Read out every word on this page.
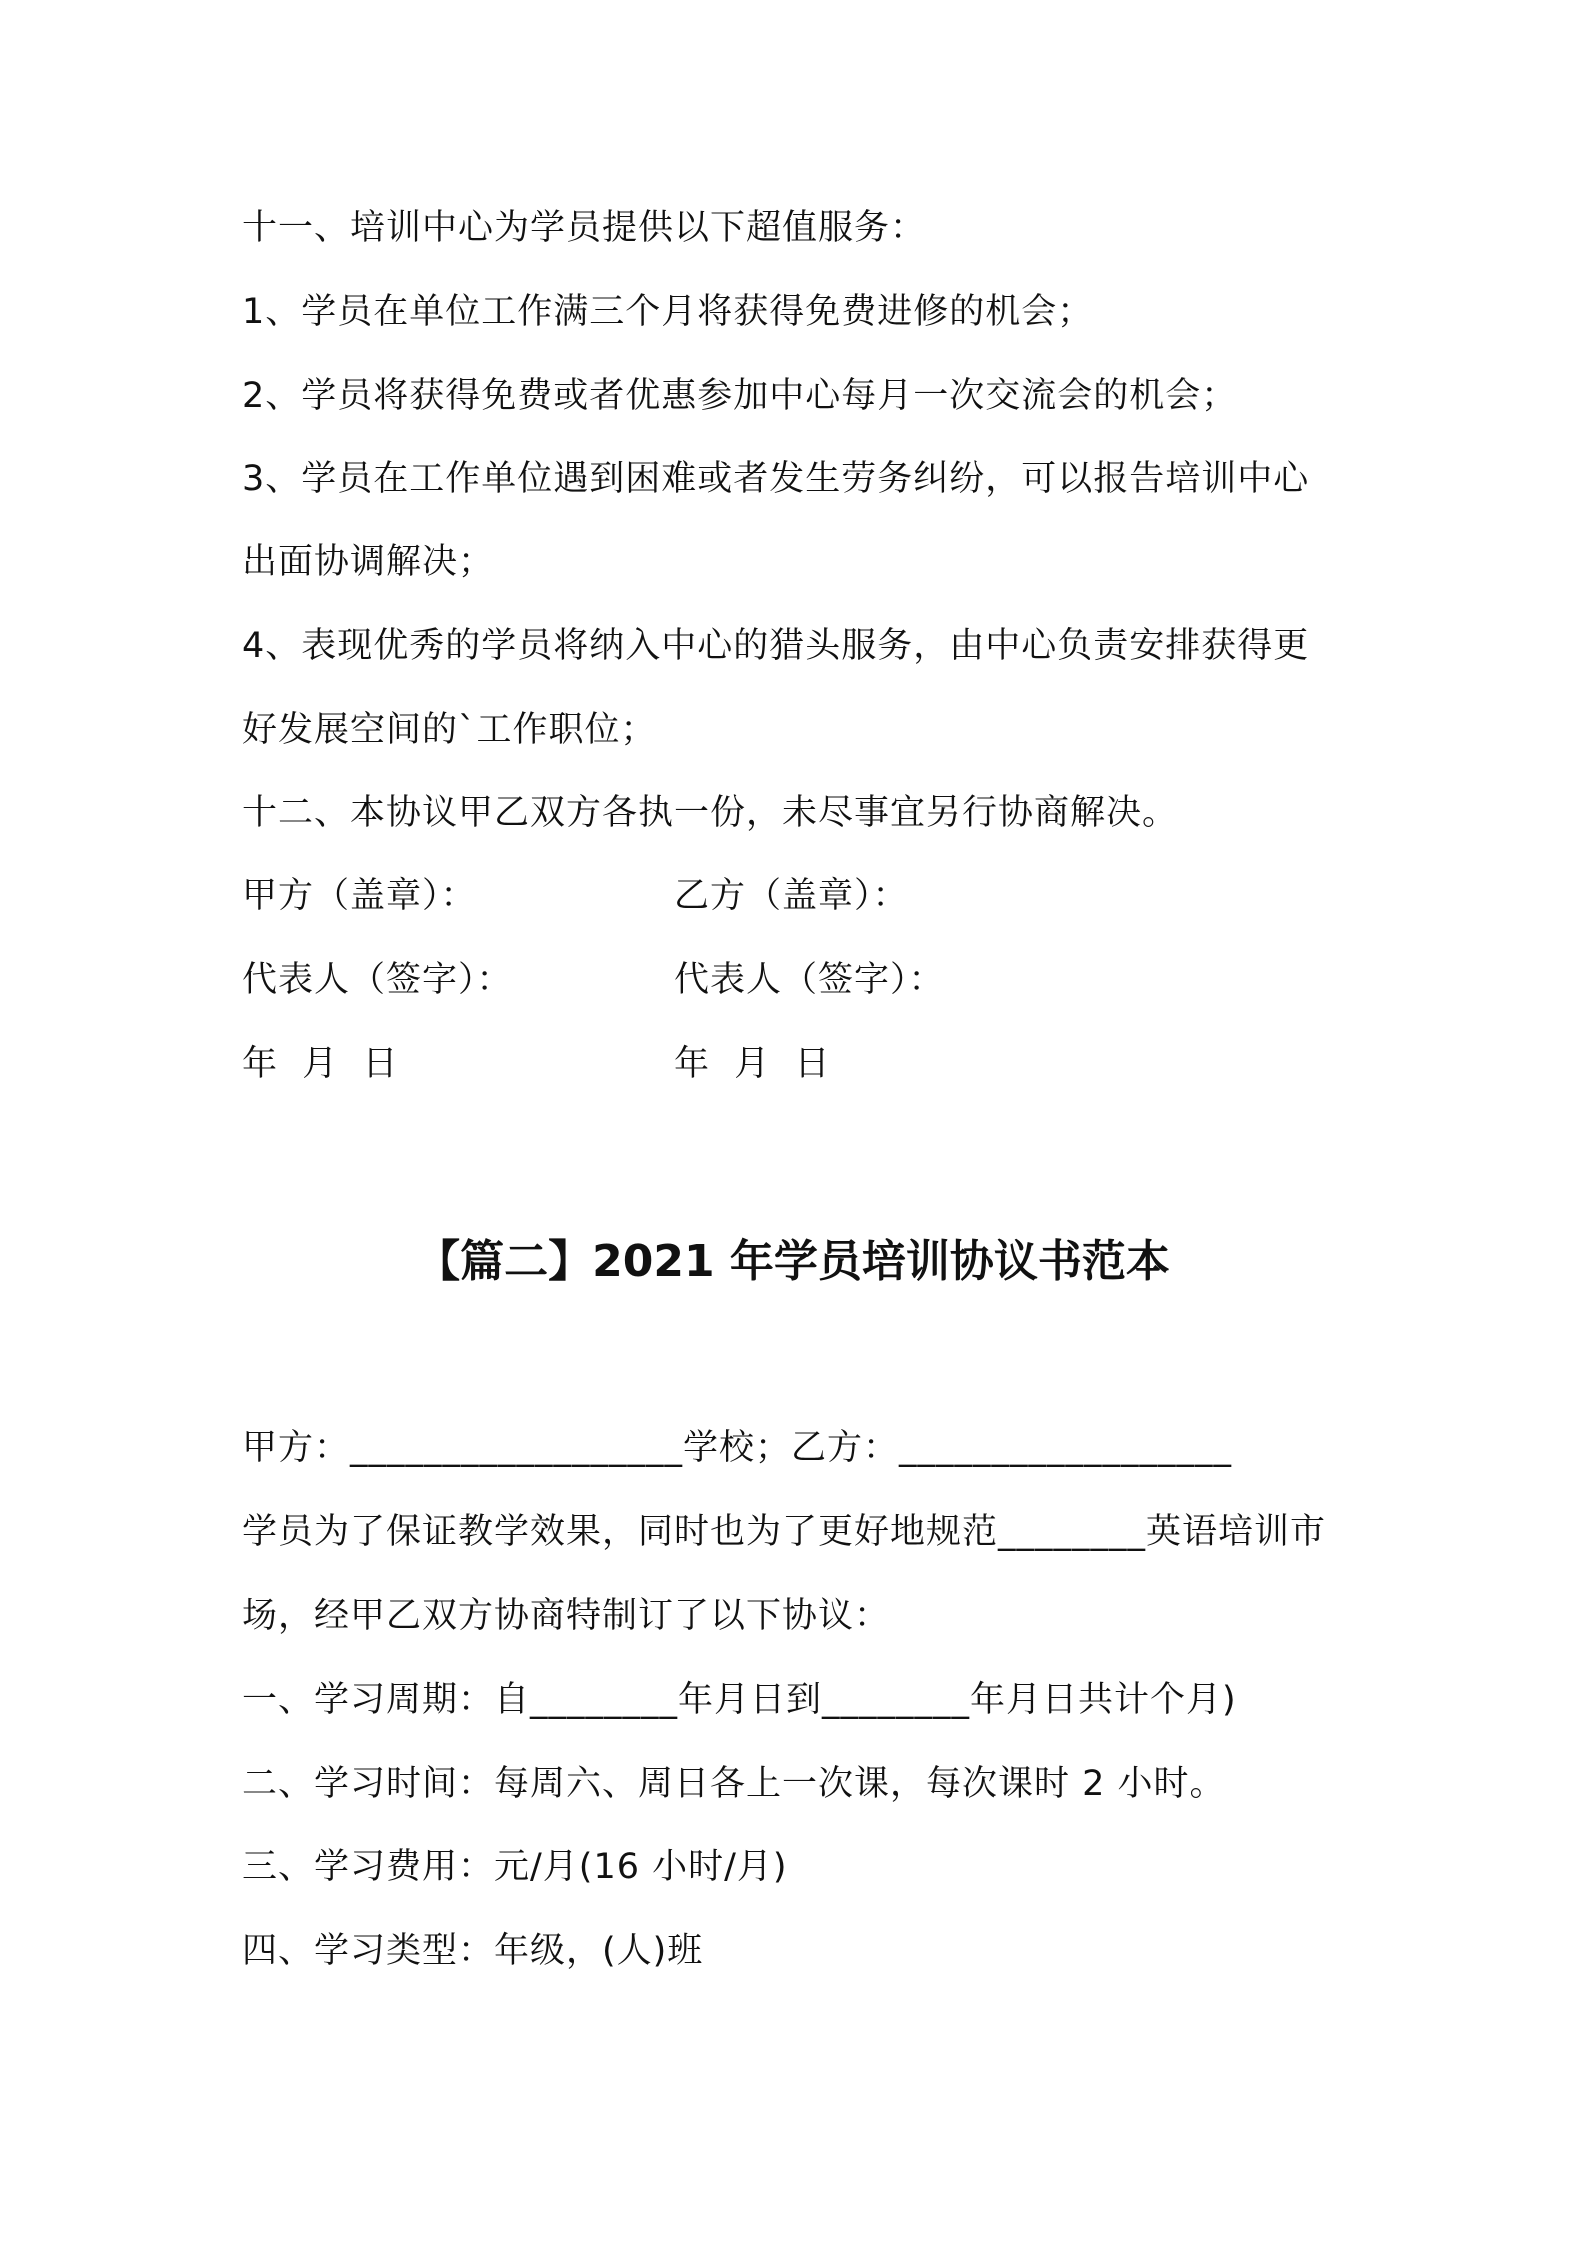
十一、培训中心为学员提供以下超值服务：
1、学员在单位工作满三个月将获得免费进修的机会；
2、学员将获得免费或者优惠参加中心每月一次交流会的机会；
3、学员在工作单位遇到困难或者发生劳务纠纷，可以报告培训中心
出面协调解决；
4、表现优秀的学员将纳入中心的猎头服务，由中心负责安排获得更
好发展空间的`工作职位；
十二、本协议甲乙双方各执一份，未尽事宜另行协商解决。
甲方（盖章）：	乙方（盖章）：
代表人（签字）：	代表人（签字）：
年  月  日	年  月  日
【篇二】2021 年学员培训协议书范本
甲方：__________________学校；乙方：__________________
学员为了保证教学效果，同时也为了更好地规范________英语培训市
场，经甲乙双方协商特制订了以下协议：
一、学习周期：自________年月日到________年月日共计个月)
二、学习时间：每周六、周日各上一次课，每次课时 2 小时。
三、学习费用：元/月(16 小时/月)
四、学习类型：年级，(人)班
